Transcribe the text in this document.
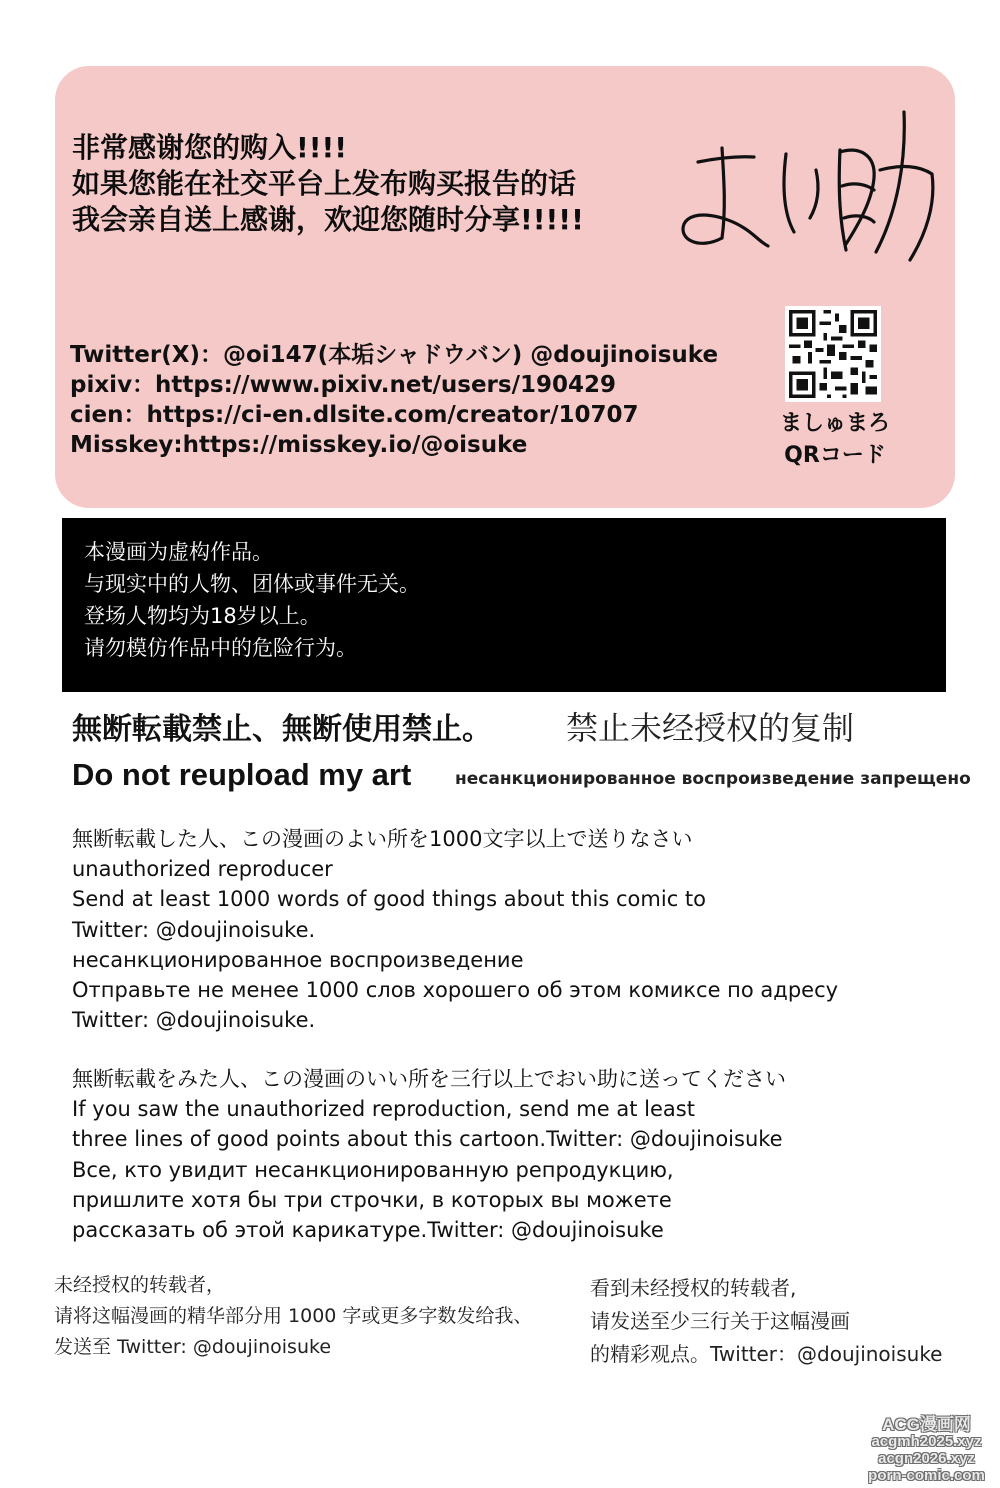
非常感谢您的购入!!!!
如果您能在社交平台上发布购买报告的话
我会亲自送上感谢，欢迎您随时分享!!!!!
Twitter(X)：@oi147(本垢シャドウバン) @doujinoisuke
pixiv：https://www.pixiv.net/users/190429
cien：https://ci-en.dlsite.com/creator/10707
Misskey:https://misskey.io/@oisuke
ましゅまろ
QRコード
本漫画为虚构作品。
与现实中的人物、团体或事件无关。
登场人物均为18岁以上。
请勿模仿作品中的危险行为。
無断転載禁止、無断使用禁止。 禁止未经授权的复制
Do not reupload my art	несанкционированное воспроизведение запрещено
無断転載した人、この漫画のよい所を1000文字以上で送りなさい
unauthorized reproducer
Send at least 1000 words of good things about this comic to
Twitter: @doujinoisuke.
несанкционированное воспроизведение
Отправьте не менее 1000 слов хорошего об этом комиксе по адресу
Twitter: @doujinoisuke.
無断転載をみた人、この漫画のいい所を三行以上でおい助に送ってください
If you saw the unauthorized reproduction, send me at least
three lines of good points about this cartoon.Twitter: @doujinoisuke
Все, кто увидит несанкционированную репродукцию,
пришлите хотя бы три строчки, в которых вы можете
рассказать об этой карикатуре.Twitter: @doujinoisuke
未经授权的转载者，
请将这幅漫画的精华部分用 1000 字或更多字数发给我、
发送至 Twitter: @doujinoisuke
看到未经授权的转载者,
请发送至少三行关于这幅漫画
的精彩观点。Twitter：@doujinoisuke
ACG漫画网
acgmh2025.xyz
acgn2026.xyz
porn-comic.com
